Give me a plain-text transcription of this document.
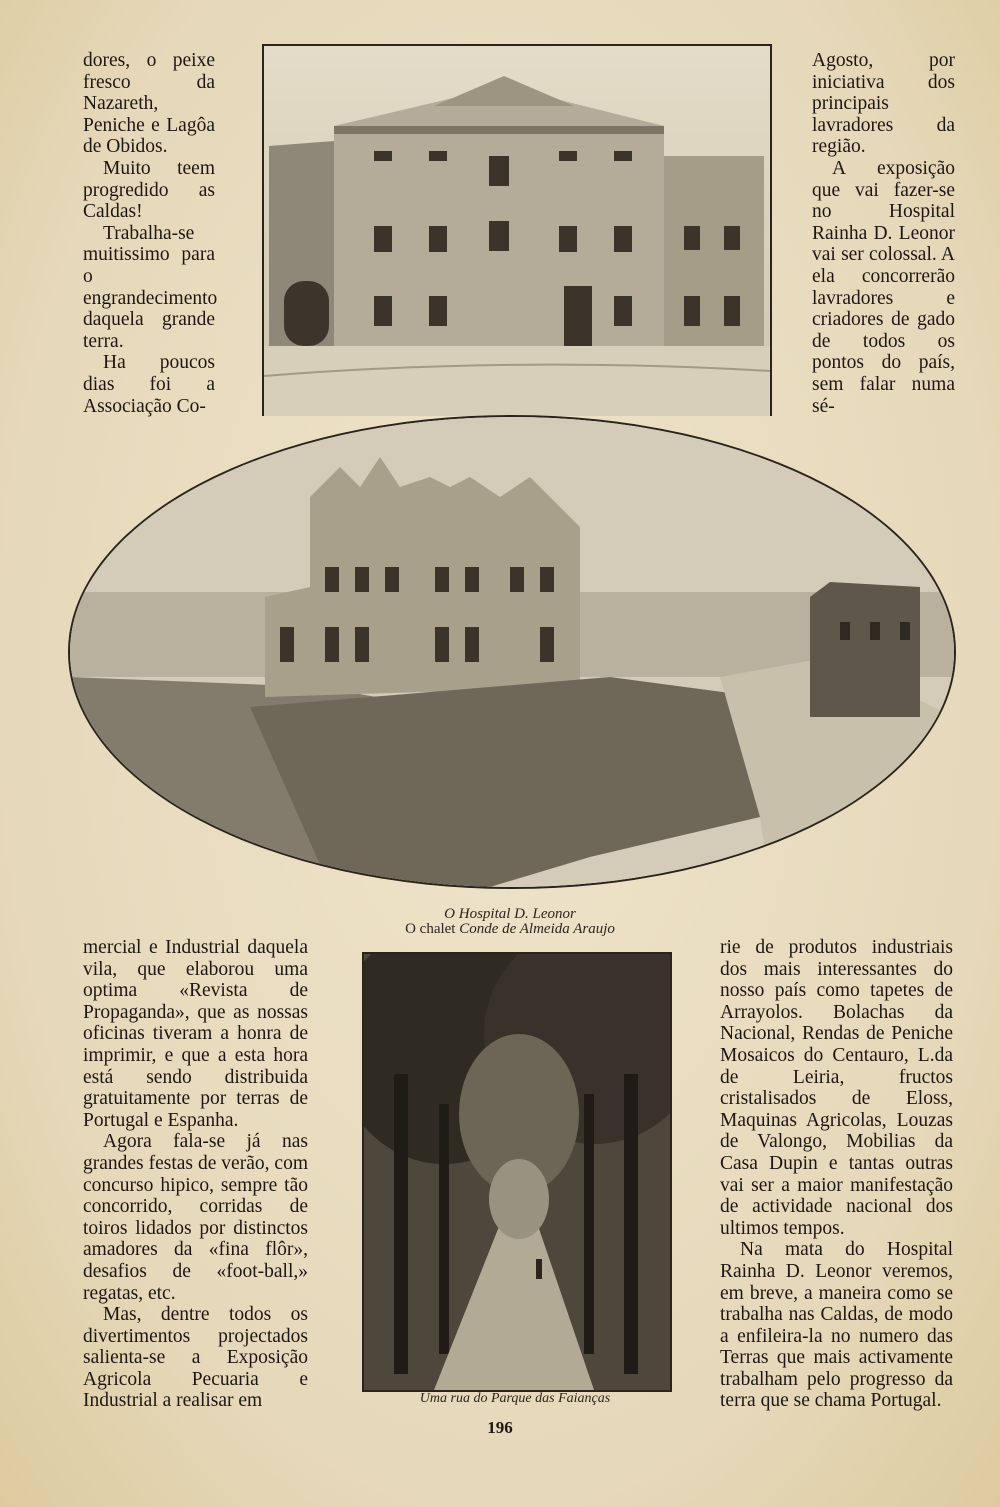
dores, o peixe fresco da Nazareth, Peniche e Lagôa de Obidos.

Muito teem progredido as Caldas!

Trabalha-se muitissimo para o engrandecimento daquela grande terra.

Ha poucos dias foi a Associação Co-

Agosto, por iniciativa dos principais lavradores da região.

A exposição que vai fazer-se no Hospital Rainha D. Leonor vai ser colossal. A ela concorrerão lavradores e criadores de gado de todos os pontos do país, sem falar numa sé-

O Hospital D. Leonor
O chalet Conde de Almeida Araujo

mercial e Industrial daquela vila, que elaborou uma optima «Revista de Propaganda», que as nossas oficinas tiveram a honra de imprimir, e que a esta hora está sendo distribuida gratuitamente por terras de Portugal e Espanha.

Agora fala-se já nas grandes festas de verão, com concurso hipico, sempre tão concorrido, corridas de toiros lidados por distinctos amadores da «fina flôr», desafios de «foot-ball,» regatas, etc.

Mas, dentre todos os divertimentos projectados salienta-se a Exposição Agricola Pecuaria e Industrial a realisar em	Uma rua do Parque das Faianças

rie de produtos industriais dos mais interessantes do nosso país como tapetes de Arrayolos. Bolachas da Nacional, Rendas de Peniche Mosaicos do Centauro, L.da de Leiria, fructos cristalisados de Eloss, Maquinas Agricolas, Louzas de Valongo, Mobilias da Casa Dupin e tantas outras vai ser a maior manifestação de actividade nacional dos ultimos tempos.

Na mata do Hospital Rainha D. Leonor veremos, em breve, a maneira como se trabalha nas Caldas, de modo a enfileira-la no numero das Terras que mais activamente trabalham pelo progresso da terra que se chama Portugal.

196
